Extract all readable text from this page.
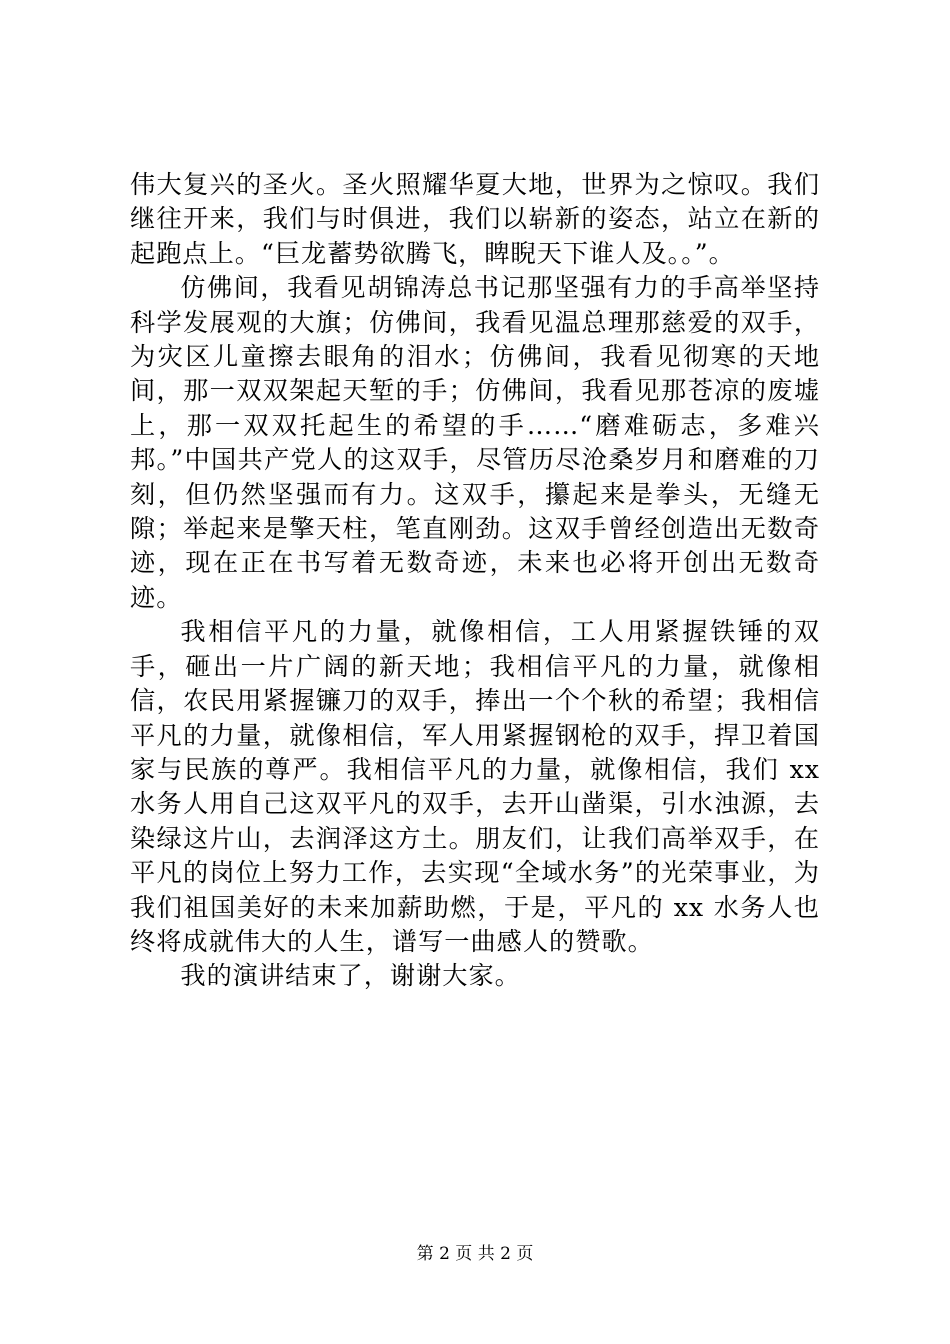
伟大复兴的圣火。圣火照耀华夏大地，世界为之惊叹。我们继往开来，我们与时俱进，我们以崭新的姿态，站立在新的起跑点上。“巨龙蓄势欲腾飞，睥睨天下谁人及。。”。

仿佛间，我看见胡锦涛总书记那坚强有力的手高举坚持科学发展观的大旗；仿佛间，我看见温总理那慈爱的双手，为灾区儿童擦去眼角的泪水；仿佛间，我看见彻寒的天地间，那一双双架起天堑的手；仿佛间，我看见那苍凉的废墟上，那一双双托起生的希望的手……“磨难砺志，多难兴邦。”中国共产党人的这双手，尽管历尽沧桑岁月和磨难的刀刻，但仍然坚强而有力。这双手，攥起来是拳头，无缝无隙；举起来是擎天柱，笔直刚劲。这双手曾经创造出无数奇迹，现在正在书写着无数奇迹，未来也必将开创出无数奇迹。

我相信平凡的力量，就像相信，工人用紧握铁锤的双手，砸出一片广阔的新天地；我相信平凡的力量，就像相信，农民用紧握镰刀的双手，捧出一个个秋的希望；我相信平凡的力量，就像相信，军人用紧握钢枪的双手，捍卫着国家与民族的尊严。我相信平凡的力量，就像相信，我们 xx 水务人用自己这双平凡的双手，去开山凿渠，引水浊源，去染绿这片山，去润泽这方土。朋友们，让我们高举双手，在平凡的岗位上努力工作，去实现“全域水务”的光荣事业，为我们祖国美好的未来加薪助燃，于是，平凡的 xx 水务人也终将成就伟大的人生，谱写一曲感人的赞歌。

我的演讲结束了，谢谢大家。

第 2 页 共 2 页
